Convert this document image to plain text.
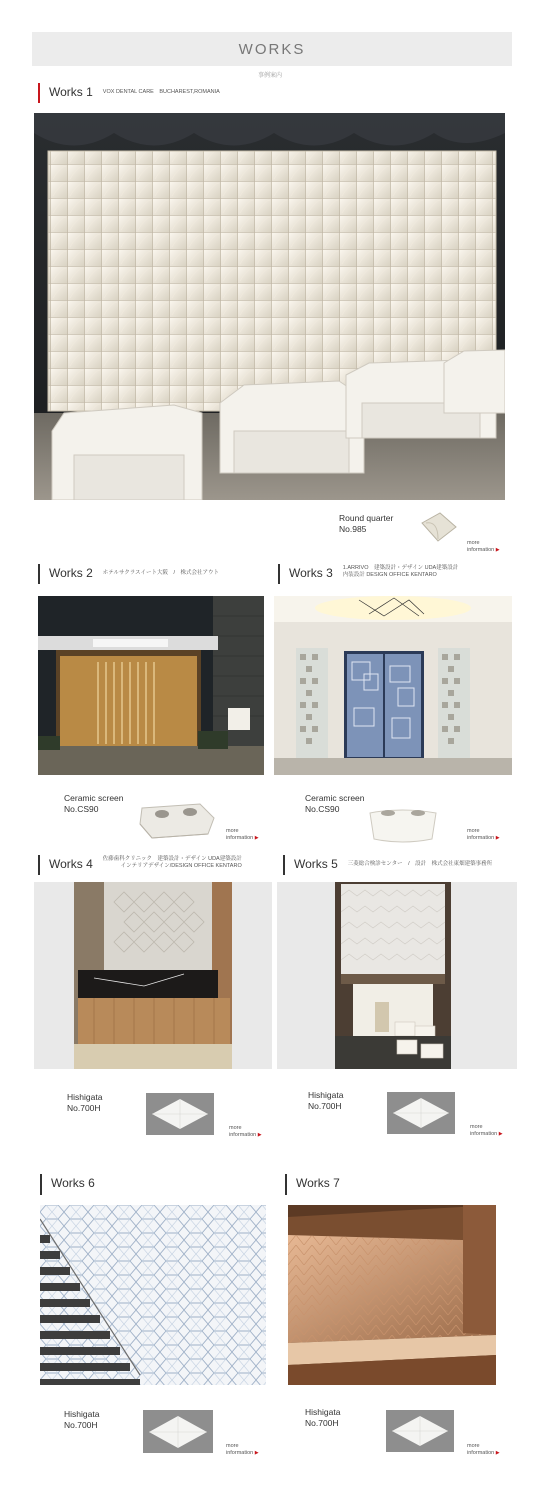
WORKS
事例案内
Works 1 VOX DENTAL CARE　BUCHAREST,ROMANIA
Round quarter
No.985
more
information ▶
Works 2 ホテルサクラスイート大阪　/　株式会社アウト
Ceramic screen
No.CS90
more
information ▶
Works 3 1.ARRIVO　建築設計・デザイン UDA建築設計
内装設計 DESIGN OFFICE KENTARO
Ceramic screen
No.CS90
more
information ▶
Works 4 佐藤歯科クリニック　建築設計・デザイン UDA建築設計
インテリアデザイン/DESIGN OFFICE KENTARO
Hishigata
No.700H
more
information ▶
Works 5 三菱総合検診センター　/　設計　株式会社東畑建築事務所
Hishigata
No.700H
more
information ▶
Works 6
Hishigata
No.700H
more
information ▶
Works 7
Hishigata
No.700H
more
information ▶
